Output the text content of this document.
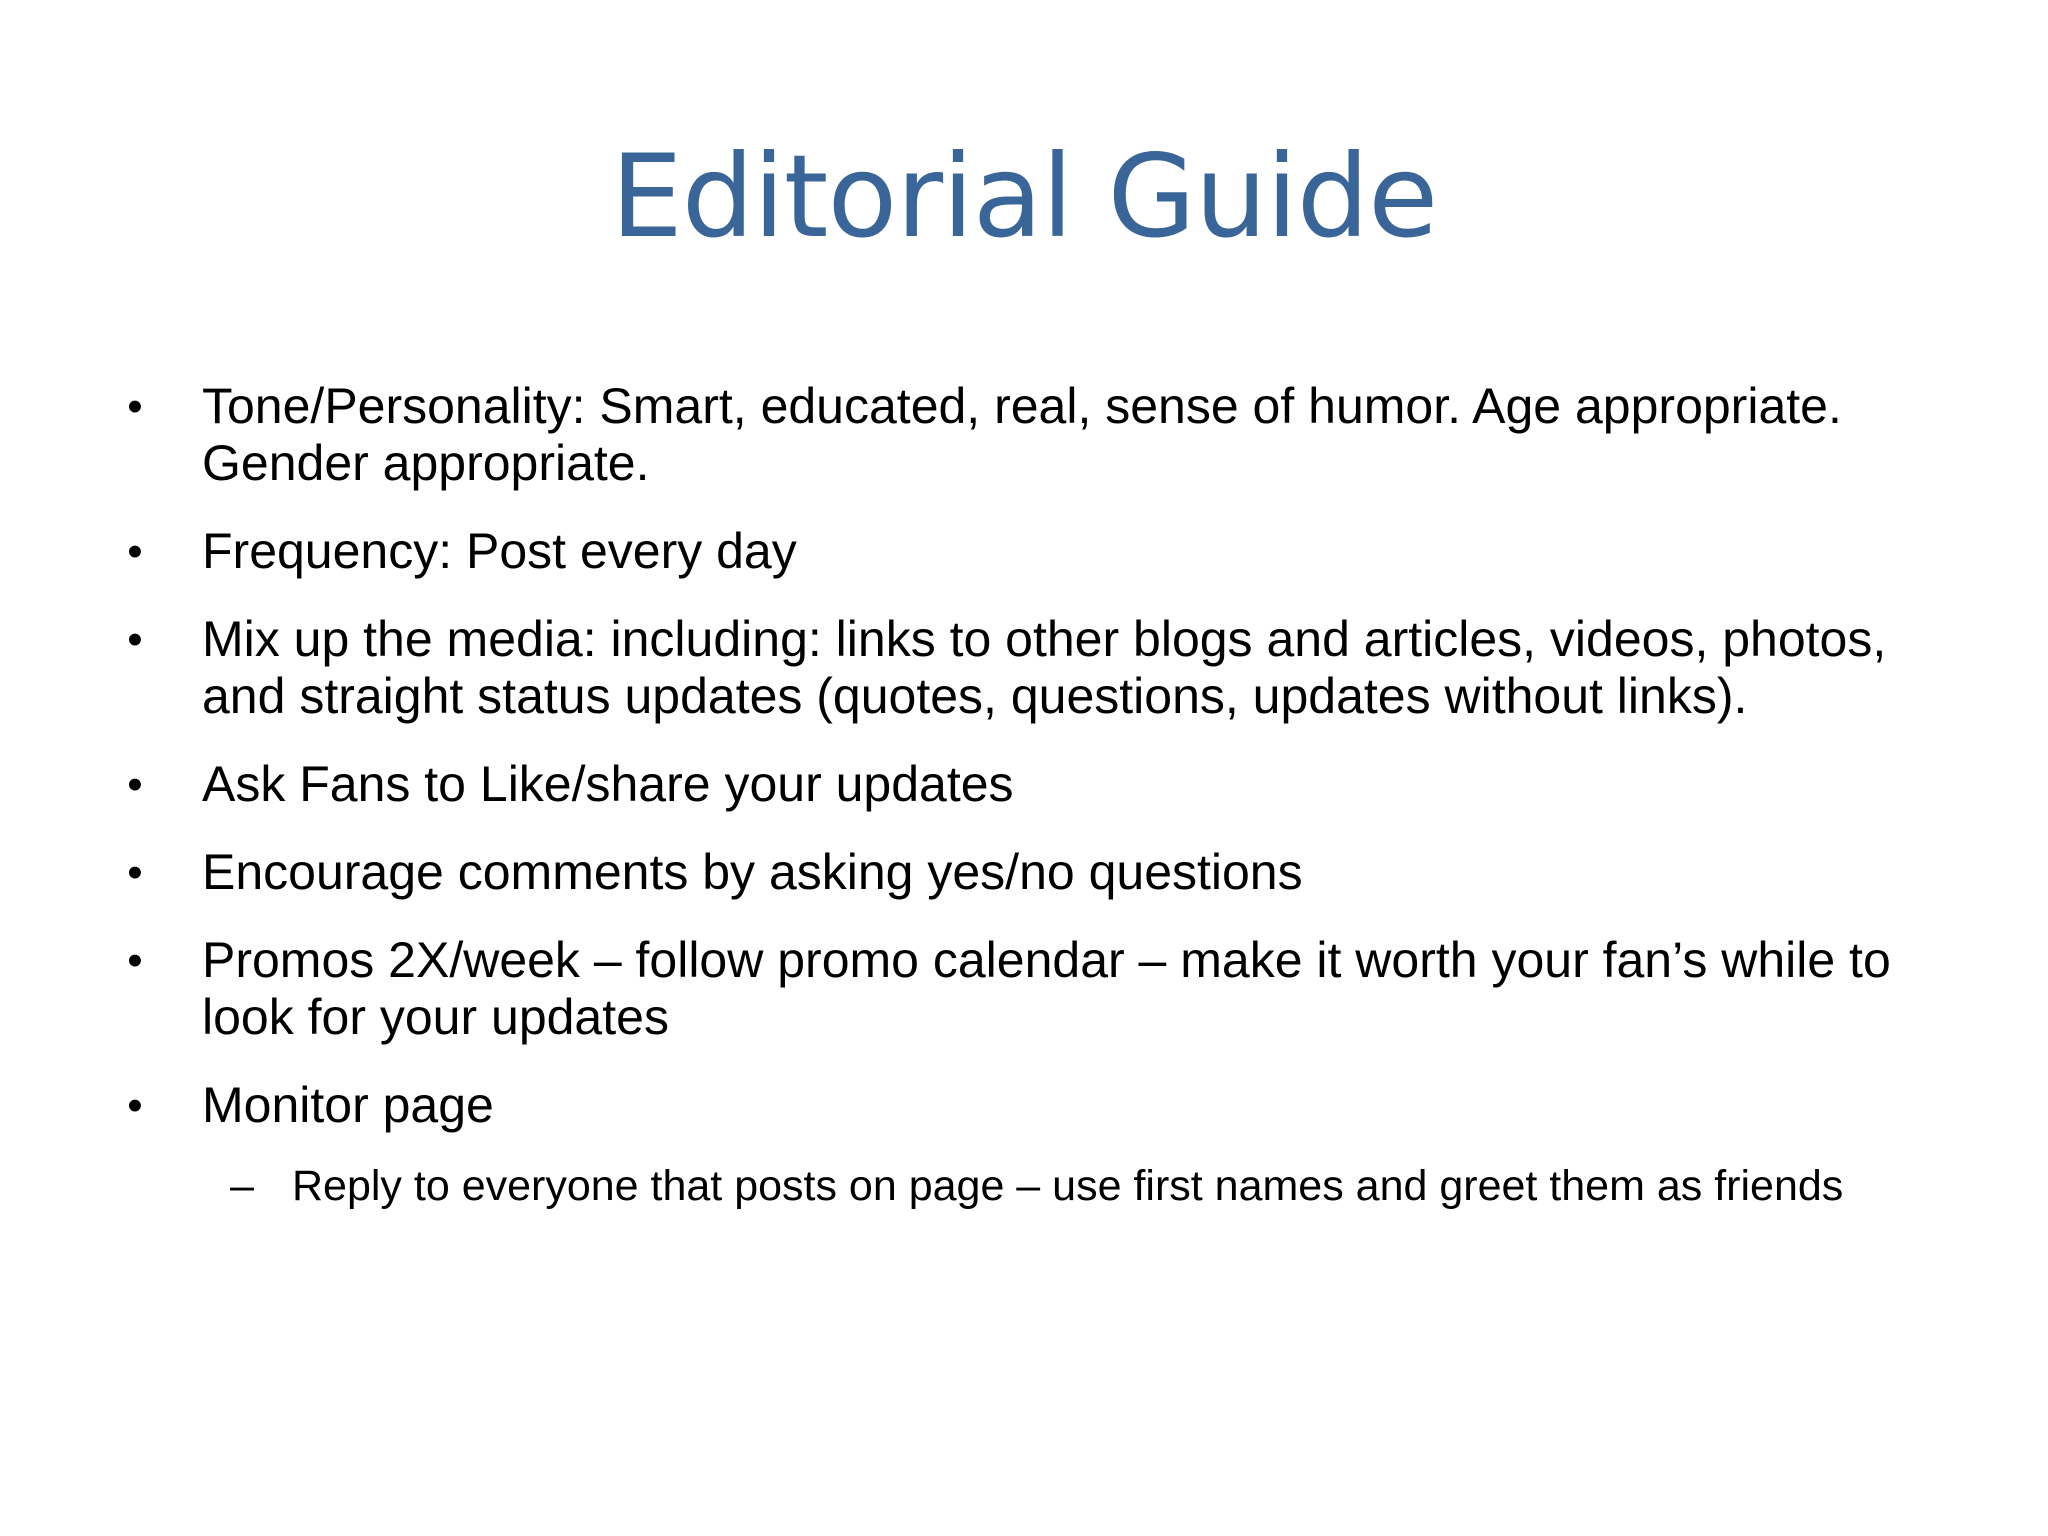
Editorial Guide
• Tone/Personality: Smart, educated, real, sense of humor. Age appropriate. Gender appropriate.
• Frequency: Post every day
• Mix up the media: including: links to other blogs and articles, videos, photos, and straight status updates (quotes, questions, updates without links).
• Ask Fans to Like/share your updates
• Encourage comments by asking yes/no questions
• Promos 2X/week – follow promo calendar – make it worth your fan’s while to look for your updates
• Monitor page
– Reply to everyone that posts on page – use first names and greet them as friends
